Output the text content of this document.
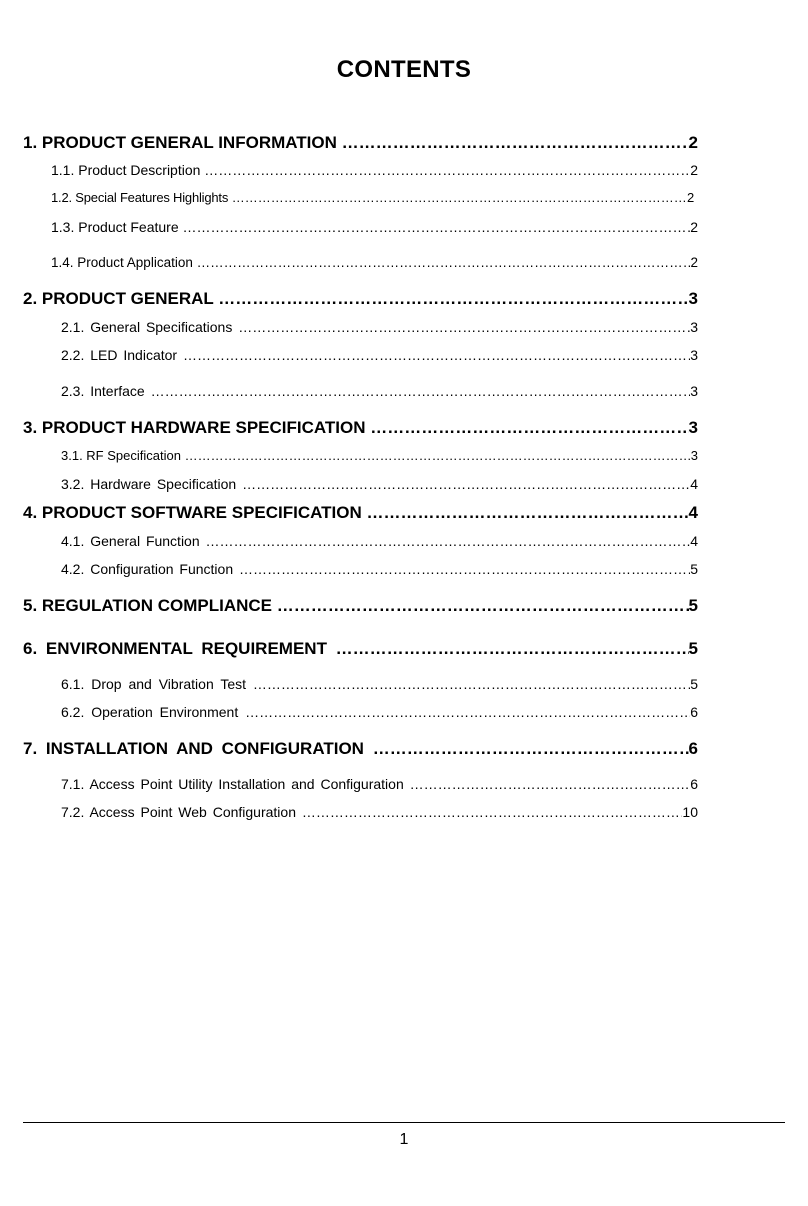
CONTENTS
1. PRODUCT GENERAL INFORMATION ……………………………………………………………………………………………………………………………………………………………………………………………………………………………………………	2
1.1. Product Description ……………………………………………………………………………………………………………………………………………………………………………………………………………………………………………	2
1.2. Special Features Highlights ……………………………………………………………………………………………………………………………………………………………………………………………………………………………………………	2
1.3. Product Feature ……………………………………………………………………………………………………………………………………………………………………………………………………………………………………………	2
1.4. Product Application ……………………………………………………………………………………………………………………………………………………………………………………………………………………………………………	2
2. PRODUCT GENERAL ……………………………………………………………………………………………………………………………………………………………………………………………………………………………………………	3
2.1. General Specifications ……………………………………………………………………………………………………………………………………………………………………………………………………………………………………………	3
2.2. LED Indicator ……………………………………………………………………………………………………………………………………………………………………………………………………………………………………………	3
2.3. Interface ……………………………………………………………………………………………………………………………………………………………………………………………………………………………………………	3
3. PRODUCT HARDWARE SPECIFICATION ……………………………………………………………………………………………………………………………………………………………………………………………………………………………………………	3
3.1. RF Specification ……………………………………………………………………………………………………………………………………………………………………………………………………………………………………………	3
3.2. Hardware Specification ……………………………………………………………………………………………………………………………………………………………………………………………………………………………………………	4
4. PRODUCT SOFTWARE SPECIFICATION ……………………………………………………………………………………………………………………………………………………………………………………………………………………………………………	4
4.1. General Function ……………………………………………………………………………………………………………………………………………………………………………………………………………………………………………	4
4.2. Configuration Function ……………………………………………………………………………………………………………………………………………………………………………………………………………………………………………	5
5. REGULATION COMPLIANCE ……………………………………………………………………………………………………………………………………………………………………………………………………………………………………………	5
6. ENVIRONMENTAL REQUIREMENT ……………………………………………………………………………………………………………………………………………………………………………………………………………………………………………	5
6.1. Drop and Vibration Test ……………………………………………………………………………………………………………………………………………………………………………………………………………………………………………	5
6.2. Operation Environment ……………………………………………………………………………………………………………………………………………………………………………………………………………………………………………	6
7. INSTALLATION AND CONFIGURATION ……………………………………………………………………………………………………………………………………………………………………………………………………………………………………………	6
7.1. Access Point Utility Installation and Configuration ……………………………………………………………………………………………………………………………………………………………………………………………………………………………………………	6
7.2. Access Point Web Configuration ……………………………………………………………………………………………………………………………………………………………………………………………………………………………………………	10
1
